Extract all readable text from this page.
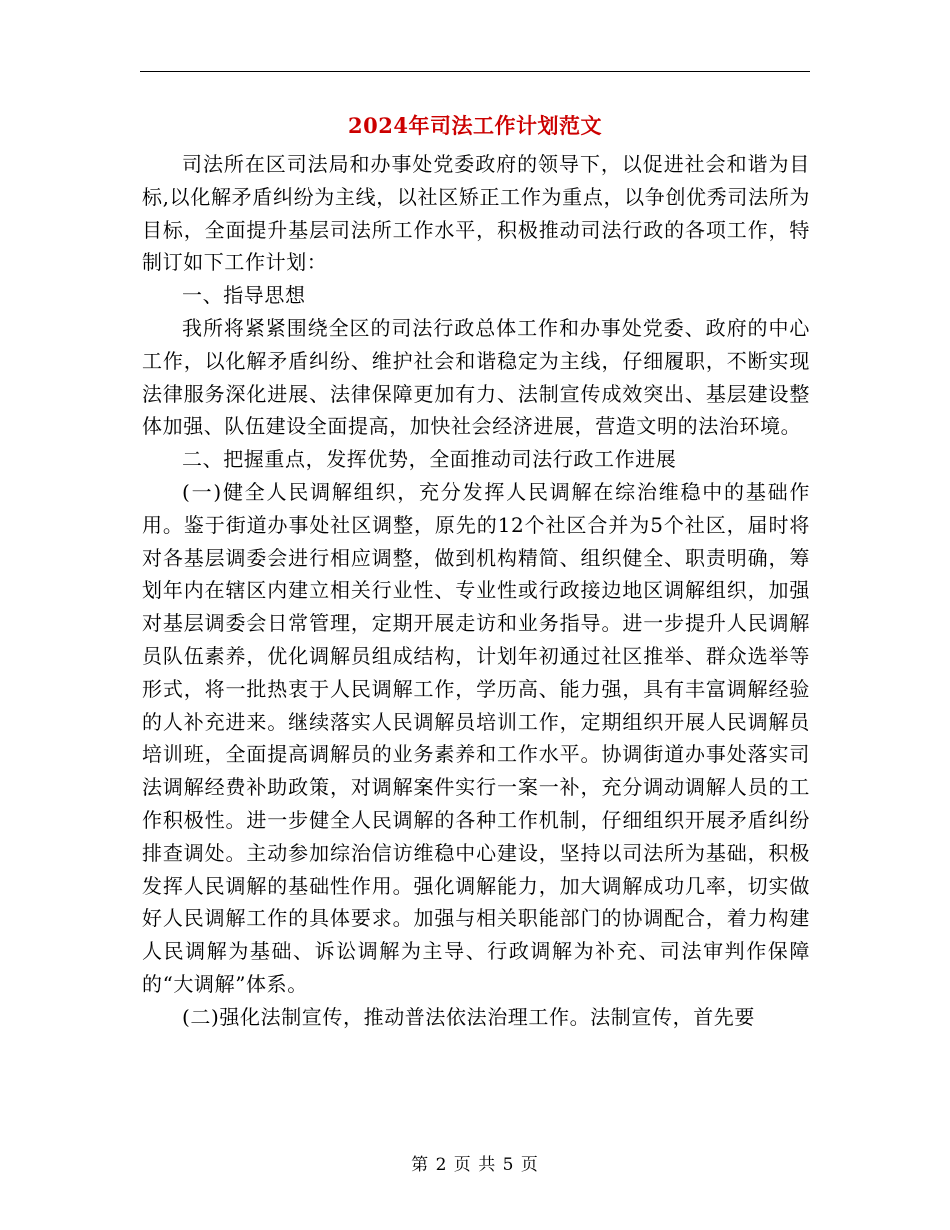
2024年司法工作计划范文

司法所在区司法局和办事处党委政府的领导下，以促进社会和谐为目标,以化解矛盾纠纷为主线，以社区矫正工作为重点，以争创优秀司法所为目标，全面提升基层司法所工作水平，积极推动司法行政的各项工作，特制订如下工作计划：

一、指导思想

我所将紧紧围绕全区的司法行政总体工作和办事处党委、政府的中心工作，以化解矛盾纠纷、维护社会和谐稳定为主线，仔细履职，不断实现法律服务深化进展、法律保障更加有力、法制宣传成效突出、基层建设整体加强、队伍建设全面提高，加快社会经济进展，营造文明的法治环境。

二、把握重点，发挥优势，全面推动司法行政工作进展

(一)健全人民调解组织，充分发挥人民调解在综治维稳中的基础作用。鉴于街道办事处社区调整，原先的12个社区合并为5个社区，届时将对各基层调委会进行相应调整，做到机构精简、组织健全、职责明确，筹划年内在辖区内建立相关行业性、专业性或行政接边地区调解组织，加强对基层调委会日常管理，定期开展走访和业务指导。进一步提升人民调解员队伍素养，优化调解员组成结构，计划年初通过社区推举、群众选举等形式，将一批热衷于人民调解工作，学历高、能力强，具有丰富调解经验的人补充进来。继续落实人民调解员培训工作，定期组织开展人民调解员培训班，全面提高调解员的业务素养和工作水平。协调街道办事处落实司法调解经费补助政策，对调解案件实行一案一补，充分调动调解人员的工作积极性。进一步健全人民调解的各种工作机制，仔细组织开展矛盾纠纷排查调处。主动参加综治信访维稳中心建设，坚持以司法所为基础，积极发挥人民调解的基础性作用。强化调解能力，加大调解成功几率，切实做好人民调解工作的具体要求。加强与相关职能部门的协调配合，着力构建人民调解为基础、诉讼调解为主导、行政调解为补充、司法审判作保障的“大调解”体系。

(二)强化法制宣传，推动普法依法治理工作。法制宣传，首先要

第 2 页 共 5 页
